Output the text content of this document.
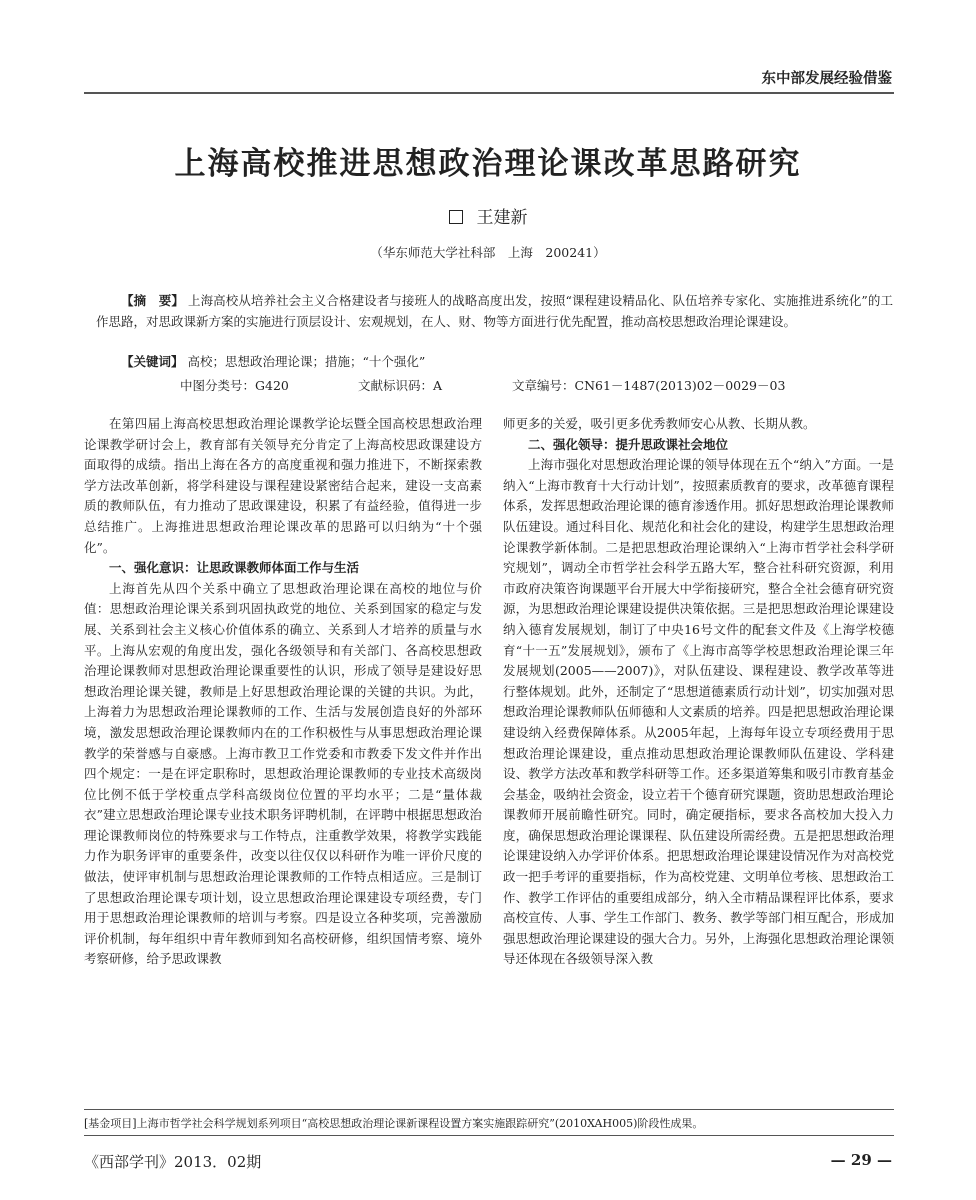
东中部发展经验借鉴
上海高校推进思想政治理论课改革思路研究
王建新
（华东师范大学社科部　上海　200241）
【摘　要】 上海高校从培养社会主义合格建设者与接班人的战略高度出发，按照“课程建设精品化、队伍培养专家化、实施推进系统化”的工作思路，对思政课新方案的实施进行顶层设计、宏观规划，在人、财、物等方面进行优先配置，推动高校思想政治理论课建设。
【关键词】 高校；思想政治理论课；措施；“十个强化”
中图分类号：G420	文献标识码：A	文章编号：CN61－1487(2013)02－0029－03

在第四届上海高校思想政治理论课教学论坛暨全国高校思想政治理论课教学研讨会上，教育部有关领导充分肯定了上海高校思政课建设方面取得的成绩。指出上海在各方的高度重视和强力推进下，不断探索教学方法改革创新，将学科建设与课程建设紧密结合起来，建设一支高素质的教师队伍，有力推动了思政课建设，积累了有益经验，值得进一步总结推广。上海推进思想政治理论课改革的思路可以归纳为“十个强化”。

一、强化意识：让思政课教师体面工作与生活

上海首先从四个关系中确立了思想政治理论课在高校的地位与价值：思想政治理论课关系到巩固执政党的地位、关系到国家的稳定与发展、关系到社会主义核心价值体系的确立、关系到人才培养的质量与水平。上海从宏观的角度出发，强化各级领导和有关部门、各高校思想政治理论课教师对思想政治理论课重要性的认识，形成了领导是建设好思想政治理论课关键，教师是上好思想政治理论课的关键的共识。为此，上海着力为思想政治理论课教师的工作、生活与发展创造良好的外部环境，激发思想政治理论课教师内在的工作积极性与从事思想政治理论课教学的荣誉感与自豪感。上海市教卫工作党委和市教委下发文件并作出四个规定：一是在评定职称时，思想政治理论课教师的专业技术高级岗位比例不低于学校重点学科高级岗位位置的平均水平；二是“量体裁衣”建立思想政治理论课专业技术职务评聘机制，在评聘中根据思想政治理论课教师岗位的特殊要求与工作特点，注重教学效果，将教学实践能力作为职务评审的重要条件，改变以往仅仅以科研作为唯一评价尺度的做法，使评审机制与思想政治理论课教师的工作特点相适应。三是制订了思想政治理论课专项计划，设立思想政治理论课建设专项经费，专门用于思想政治理论课教师的培训与考察。四是设立各种奖项，完善激励评价机制，每年组织中青年教师到知名高校研修，组织国情考察、境外考察研修，给予思政课教

师更多的关爱，吸引更多优秀教师安心从教、长期从教。

二、强化领导：提升思政课社会地位

上海市强化对思想政治理论课的领导体现在五个“纳入”方面。一是纳入“上海市教育十大行动计划”，按照素质教育的要求，改革德育课程体系，发挥思想政治理论课的德育渗透作用。抓好思想政治理论课教师队伍建设。通过科目化、规范化和社会化的建设，构建学生思想政治理论课教学新体制。二是把思想政治理论课纳入“上海市哲学社会科学研究规划”，调动全市哲学社会科学五路大军，整合社科研究资源，利用市政府决策咨询课题平台开展大中学衔接研究，整合全社会德育研究资源，为思想政治理论课建设提供决策依据。三是把思想政治理论课建设纳入德育发展规划，制订了中央16号文件的配套文件及《上海学校德育“十一五”发展规划》，颁布了《上海市高等学校思想政治理论课三年发展规划(2005——2007)》，对队伍建设、课程建设、教学改革等进行整体规划。此外，还制定了“思想道德素质行动计划”，切实加强对思想政治理论课教师队伍师德和人文素质的培养。四是把思想政治理论课建设纳入经费保障体系。从2005年起，上海每年设立专项经费用于思想政治理论课建设，重点推动思想政治理论课教师队伍建设、学科建设、教学方法改革和教学科研等工作。还多渠道筹集和吸引市教育基金会基金，吸纳社会资金，设立若干个德育研究课题，资助思想政治理论课教师开展前瞻性研究。同时，确定硬指标，要求各高校加大投入力度，确保思想政治理论课课程、队伍建设所需经费。五是把思想政治理论课建设纳入办学评价体系。把思想政治理论课建设情况作为对高校党政一把手考评的重要指标，作为高校党建、文明单位考核、思想政治工作、教学工作评估的重要组成部分，纳入全市精品课程评比体系，要求高校宣传、人事、学生工作部门、教务、教学等部门相互配合，形成加强思想政治理论课建设的强大合力。另外，上海强化思想政治理论课领导还体现在各级领导深入教

[基金项目]上海市哲学社会科学规划系列项目“高校思想政治理论课新课程设置方案实施跟踪研究”(2010XAH005)阶段性成果。
《西部学刊》2013．02期	— 29 —
